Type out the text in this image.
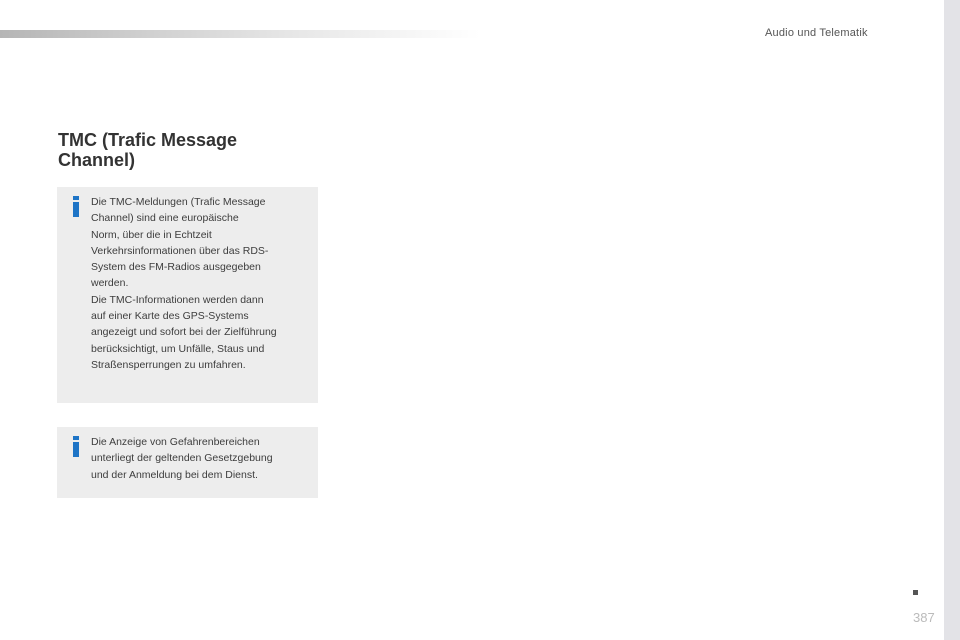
Audio und Telematik
TMC (Trafic Message Channel)

Die TMC-Meldungen (Trafic Message
Channel) sind eine europäische
Norm, über die in Echtzeit
Verkehrsinformationen über das RDS-
System des FM-Radios ausgegeben
werden.
Die TMC-Informationen werden dann
auf einer Karte des GPS-Systems
angezeigt und sofort bei der Zielführung
berücksichtigt, um Unfälle, Staus und
Straßensperrungen zu umfahren.

Die Anzeige von Gefahrenbereichen
unterliegt der geltenden Gesetzgebung
und der Anmeldung bei dem Dienst.

387
